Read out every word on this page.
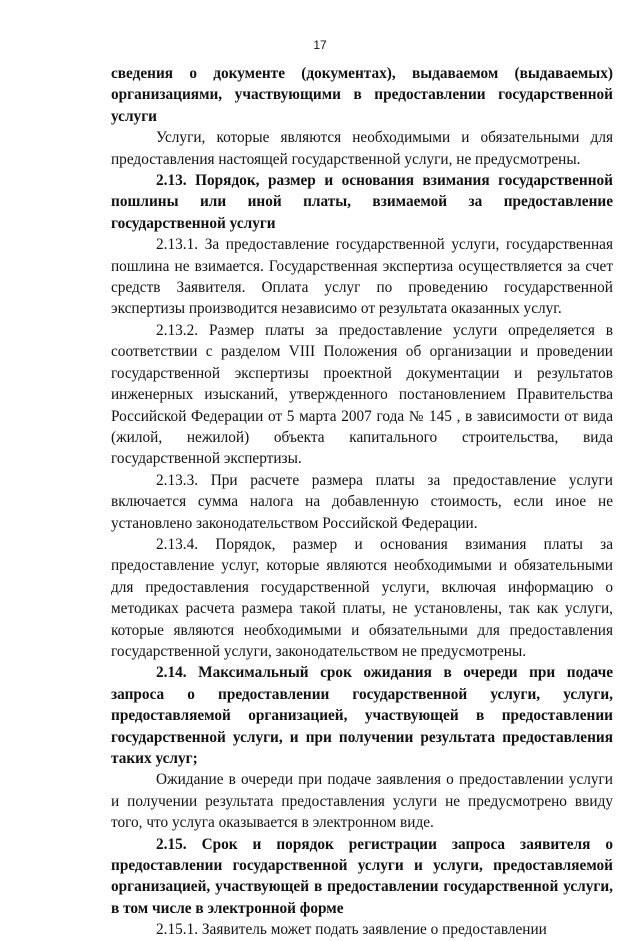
17

сведения о документе (документах), выдаваемом (выдаваемых) организациями, участвующими в предоставлении государственной услуги

Услуги, которые являются необходимыми и обязательными для предоставления настоящей государственной услуги, не предусмотрены.

2.13. Порядок, размер и основания взимания государственной пошлины или иной платы, взимаемой за предоставление государственной услуги

2.13.1. За предоставление государственной услуги, государственная пошлина не взимается. Государственная экспертиза осуществляется за счет средств Заявителя. Оплата услуг по проведению государственной экспертизы производится независимо от результата оказанных услуг.

2.13.2. Размер платы за предоставление услуги определяется в соответствии с разделом VIII Положения об организации и проведении государственной экспертизы проектной документации и результатов инженерных изысканий, утвержденного постановлением Правительства Российской Федерации от 5 марта 2007 года № 145 , в зависимости от вида (жилой, нежилой) объекта капитального строительства, вида государственной экспертизы.

2.13.3. При расчете размера платы за предоставление услуги включается сумма налога на добавленную стоимость, если иное не установлено законодательством Российской Федерации.

2.13.4. Порядок, размер и основания взимания платы за предоставление услуг, которые являются необходимыми и обязательными для предоставления государственной услуги, включая информацию о методиках расчета размера такой платы, не установлены, так как услуги, которые являются необходимыми и обязательными для предоставления государственной услуги, законодательством не предусмотрены.

2.14. Максимальный срок ожидания в очереди при подаче запроса о предоставлении государственной услуги, услуги, предоставляемой организацией, участвующей в предоставлении государственной услуги, и при получении результата предоставления таких услуг;

Ожидание в очереди при подаче заявления о предоставлении услуги и получении результата предоставления услуги не предусмотрено ввиду того, что услуга оказывается в электронном виде.

2.15. Срок и порядок регистрации запроса заявителя о предоставлении государственной услуги и услуги, предоставляемой организацией, участвующей в предоставлении государственной услуги, в том числе в электронной форме

2.15.1. Заявитель может подать заявление о предоставлении
